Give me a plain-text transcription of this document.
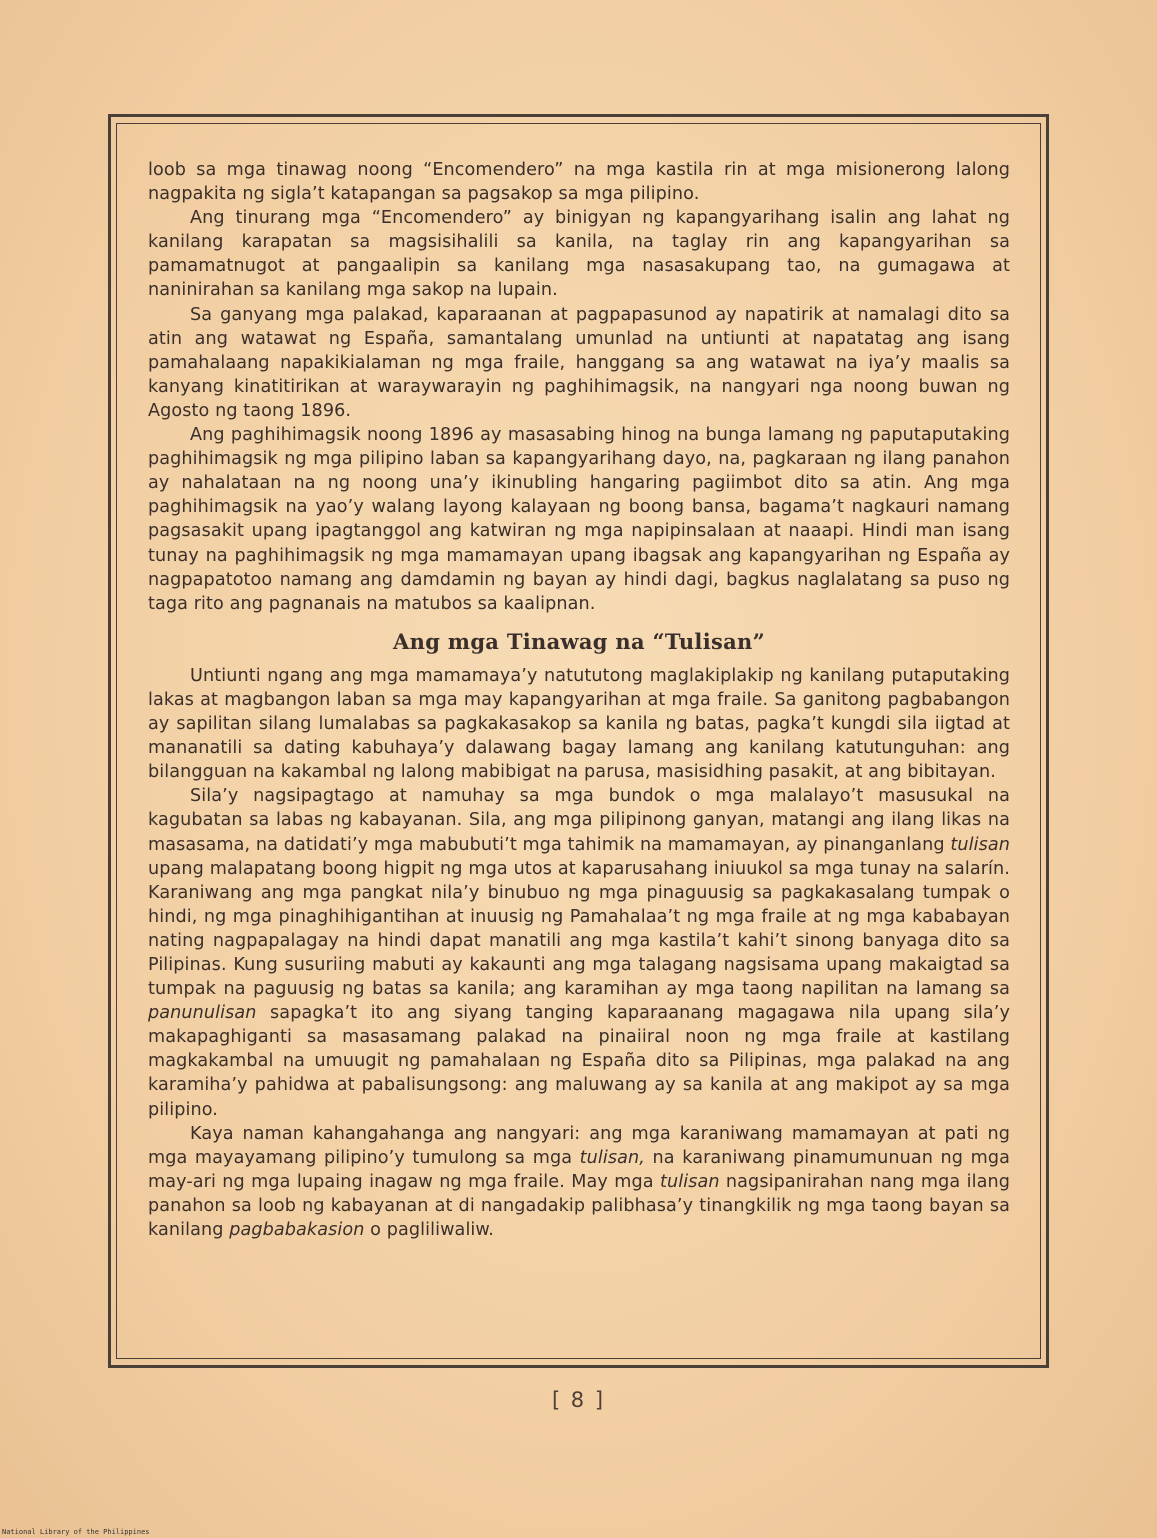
loob sa mga tinawag noong “Encomendero” na mga kastila rin at mga misionerong lalong nagpakita ng sigla’t katapangan sa pagsakop sa mga pilipino.

Ang tinurang mga “Encomendero” ay binigyan ng kapangyarihang isalin ang lahat ng kanilang karapatan sa magsisihalili sa kanila, na taglay rin ang kapangyarihan sa pamamatnugot at pangaalipin sa kanilang mga nasasakupang tao, na gumagawa at naninirahan sa kanilang mga sakop na lupain.

Sa ganyang mga palakad, kaparaanan at pagpapasunod ay napatirik at namalagi dito sa atin ang watawat ng España, samantalang umunlad na untiunti at napatatag ang isang pamahalaang napakikialaman ng mga fraile, hanggang sa ang watawat na iya’y maalis sa kanyang kinatitirikan at waraywarayin ng paghihimagsik, na nangyari nga noong buwan ng Agosto ng taong 1896.

Ang paghihimagsik noong 1896 ay masasabing hinog na bunga lamang ng paputaputaking paghihimagsik ng mga pilipino laban sa kapangyarihang dayo, na, pagkaraan ng ilang panahon ay nahalataan na ng noong una’y ikinubling hangaring pagiimbot dito sa atin. Ang mga paghihimagsik na yao’y walang layong kalayaan ng boong bansa, bagama’t nagkauri namang pagsasakit upang ipagtanggol ang katwiran ng mga napipinsalaan at naaapi. Hindi man isang tunay na paghihimagsik ng mga mamamayan upang ibagsak ang kapangyarihan ng España ay nagpapatotoo namang ang damdamin ng bayan ay hindi dagi, bagkus naglalatang sa puso ng taga rito ang pagnanais na matubos sa kaalipnan.

Ang mga Tinawag na “Tulisan”

Untiunti ngang ang mga mamamaya’y natututong maglakiplakip ng kanilang putaputaking lakas at magbangon laban sa mga may kapangyarihan at mga fraile. Sa ganitong pagbabangon ay sapilitan silang lumalabas sa pagkakasakop sa kanila ng batas, pagka’t kungdi sila iigtad at mananatili sa dating kabuhaya’y dalawang bagay lamang ang kanilang katutunguhan: ang bilangguan na kakambal ng lalong mabibigat na parusa, masisidhing pasakit, at ang bibitayan.

Sila’y nagsipagtago at namuhay sa mga bundok o mga malalayo’t masusukal na kagubatan sa labas ng kabayanan. Sila, ang mga pilipinong ganyan, matangi ang ilang likas na masasama, na datidati’y mga mabubuti’t mga tahimik na mamamayan, ay pinanganlang tulisan upang malapatang boong higpit ng mga utos at kaparusahang iniuukol sa mga tunay na salarín. Karaniwang ang mga pangkat nila’y binubuo ng mga pinaguusig sa pagkakasalang tumpak o hindi, ng mga pinaghihigantihan at inuusig ng Pamahalaa’t ng mga fraile at ng mga kababayan nating nagpapalagay na hindi dapat manatili ang mga kastila’t kahi’t sinong banyaga dito sa Pilipinas. Kung susuriing mabuti ay kakaunti ang mga talagang nagsisama upang makaigtad sa tumpak na paguusig ng batas sa kanila; ang karamihan ay mga taong napilitan na lamang sa panunulisan sapagka’t ito ang siyang tanging kaparaanang magagawa nila upang sila’y makapaghiganti sa masasamang palakad na pinaiiral noon ng mga fraile at kastilang magkakambal na umuugit ng pamahalaan ng España dito sa Pilipinas, mga palakad na ang karamiha’y pahidwa at pabalisungsong: ang maluwang ay sa kanila at ang makipot ay sa mga pilipino.

Kaya naman kahangahanga ang nangyari: ang mga karaniwang mamamayan at pati ng mga mayayamang pilipino’y tumulong sa mga tulisan, na karaniwang pinamumunuan ng mga may-ari ng mga lupaing inagaw ng mga fraile. May mga tulisan nagsipanirahan nang mga ilang panahon sa loob ng kabayanan at di nangadakip palibhasa’y tinangkilik ng mga taong bayan sa kanilang pagbabakasion o pagliliwaliw.

[ 8 ]
National Library of the Philippines
